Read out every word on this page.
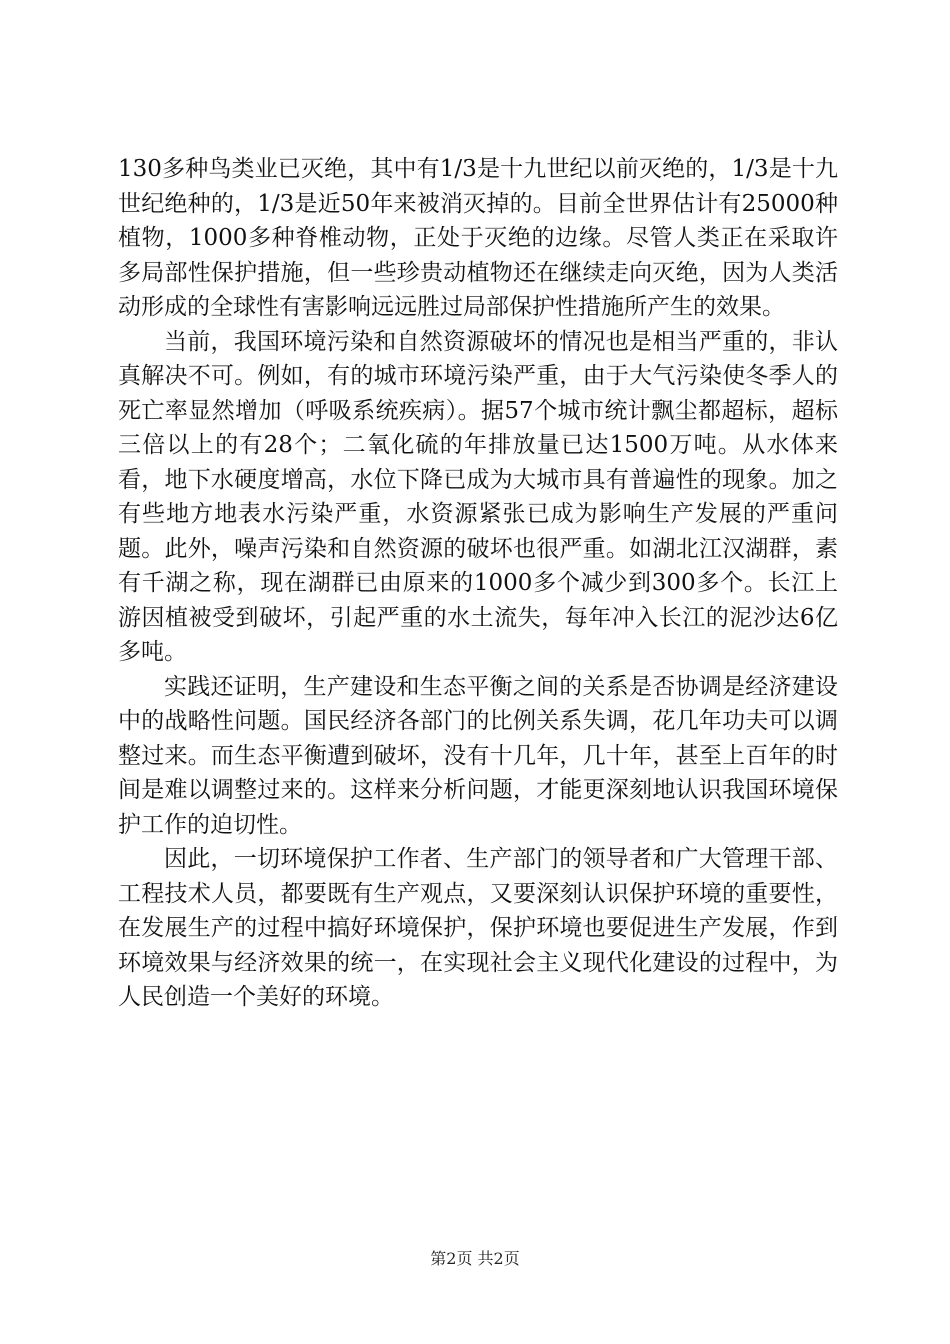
130多种鸟类业已灭绝，其中有1/3是十九世纪以前灭绝的，1/3是十九世纪绝种的，1/3是近50年来被消灭掉的。目前全世界估计有25000种植物，1000多种脊椎动物，正处于灭绝的边缘。尽管人类正在采取许多局部性保护措施，但一些珍贵动植物还在继续走向灭绝，因为人类活动形成的全球性有害影响远远胜过局部保护性措施所产生的效果。

当前，我国环境污染和自然资源破坏的情况也是相当严重的，非认真解决不可。例如，有的城市环境污染严重，由于大气污染使冬季人的死亡率显然增加（呼吸系统疾病）。据57个城市统计飘尘都超标，超标三倍以上的有28个；二氧化硫的年排放量已达1500万吨。从水体来看，地下水硬度增高，水位下降已成为大城市具有普遍性的现象。加之有些地方地表水污染严重，水资源紧张已成为影响生产发展的严重问题。此外，噪声污染和自然资源的破坏也很严重。如湖北江汉湖群，素有千湖之称，现在湖群已由原来的1000多个减少到300多个。长江上游因植被受到破坏，引起严重的水土流失，每年冲入长江的泥沙达6亿多吨。

实践还证明，生产建设和生态平衡之间的关系是否协调是经济建设中的战略性问题。国民经济各部门的比例关系失调，花几年功夫可以调整过来。而生态平衡遭到破坏，没有十几年，几十年，甚至上百年的时间是难以调整过来的。这样来分析问题，才能更深刻地认识我国环境保护工作的迫切性。

因此，一切环境保护工作者、生产部门的领导者和广大管理干部、工程技术人员，都要既有生产观点，又要深刻认识保护环境的重要性，在发展生产的过程中搞好环境保护，保护环境也要促进生产发展，作到环境效果与经济效果的统一，在实现社会主义现代化建设的过程中，为人民创造一个美好的环境。

第2页 共2页
